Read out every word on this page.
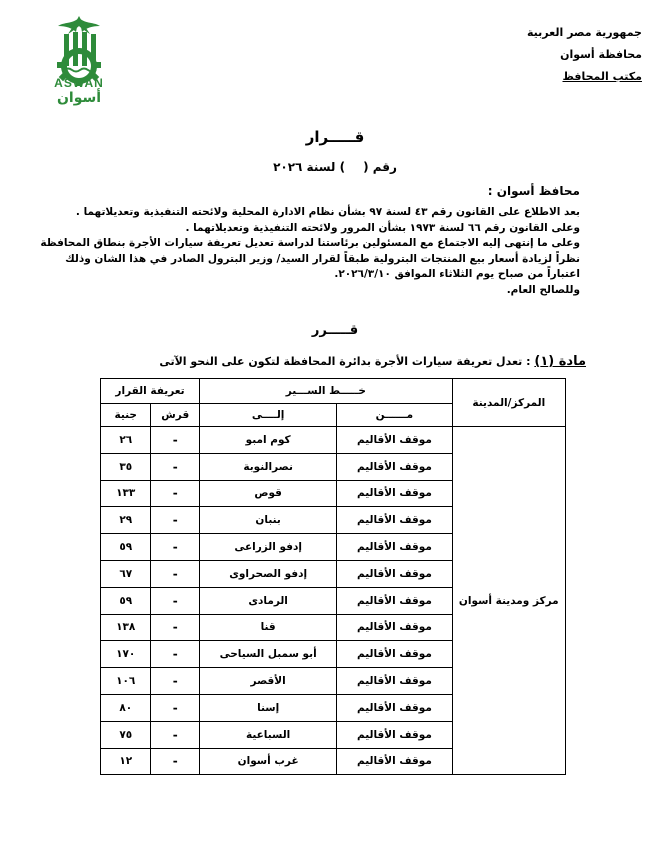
جمهورية مصر العربية
محافظة أسوان
مكتب المحافظ
ASWAN
أسوان
قـــــرار
رقم () لسنة ٢٠٢٦
محافظ أسوان :
بعد الاطلاع على القانون رقم ٤٣ لسنة ٩٧ بشأن نظام الادارة المحلية ولائحته التنفيذية وتعديلاتهما .
وعلى القانون رقم ٦٦ لسنة ١٩٧٣ بشأن المرور ولائحته التنفيذية وتعديلاتهما .
وعلى ما إنتهى إليه الاجتماع مع المسئولين برئاستنا لدراسة تعديل تعريفة سيارات الأجرة بنطاق المحافظة
نظراً لزيادة أسعار بيع المنتجات البترولية طبقاً لقرار السيد/ وزير البترول الصادر في هذا الشان وذلك
اعتباراً من صباح يوم الثلاثاء الموافق ٢٠٢٦/٣/١٠.
وللصالح العام.
قـــــرر
مادة (١) : تعدل تعريفة سيارات الأجرة بدائرة المحافظة لتكون على النحو الآتى
المركز/المدينة	خـــــط الســـير		تعريفة القرار	
	مــــــن	إلــــى	قرش	جنية
مركز ومدينة أسوان	موقف الأقاليم	كوم امبو	-	٢٦
	موقف الأقاليم	نصرالنوبة	-	٣٥
	موقف الأقاليم	قوص	-	١٣٣
	موقف الأقاليم	بنبان	-	٢٩
	موقف الأقاليم	إدفو الزراعى	-	٥٩
	موقف الأقاليم	إدفو الصحراوى	-	٦٧
	موقف الأقاليم	الرمادى	-	٥٩
	موقف الأقاليم	قنا	-	١٣٨
	موقف الأقاليم	أبو سمبل السياحى	-	١٧٠
	موقف الأقاليم	الأقصر	-	١٠٦
	موقف الأقاليم	إسنا	-	٨٠
	موقف الأقاليم	السباعية	-	٧٥
	موقف الأقاليم	غرب أسوان	-	١٢
